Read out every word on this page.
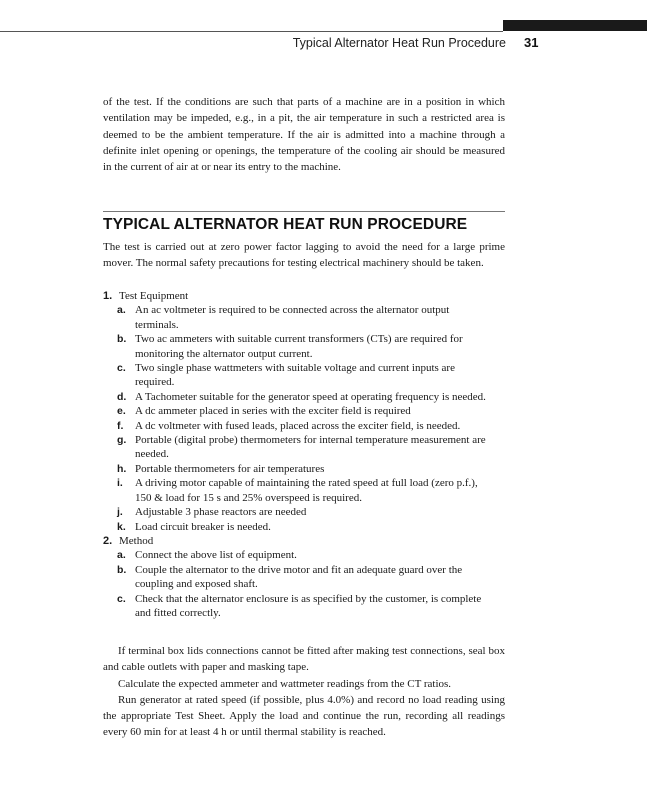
Typical Alternator Heat Run Procedure 31

of the test. If the conditions are such that parts of a machine are in a position in which ventilation may be impeded, e.g., in a pit, the air temperature in such a restricted area is deemed to be the ambient temperature. If the air is admitted into a machine through a definite inlet opening or openings, the temperature of the cooling air should be measured in the current of air at or near its entry to the machine.

TYPICAL ALTERNATOR HEAT RUN PROCEDURE

The test is carried out at zero power factor lagging to avoid the need for a large prime mover. The normal safety precautions for testing electrical machinery should be taken.

1. Test Equipment
a. An ac voltmeter is required to be connected across the alternator output terminals.
b. Two ac ammeters with suitable current transformers (CTs) are required for monitoring the alternator output current.
c. Two single phase wattmeters with suitable voltage and current inputs are required.
d. A Tachometer suitable for the generator speed at operating frequency is needed.
e. A dc ammeter placed in series with the exciter field is required
f. A dc voltmeter with fused leads, placed across the exciter field, is needed.
g. Portable (digital probe) thermometers for internal temperature measurement are needed.
h. Portable thermometers for air temperatures
i. A driving motor capable of maintaining the rated speed at full load (zero p.f.), 150 & load for 15 s and 25% overspeed is required.
j. Adjustable 3 phase reactors are needed
k. Load circuit breaker is needed.
2. Method
a. Connect the above list of equipment.
b. Couple the alternator to the drive motor and fit an adequate guard over the coupling and exposed shaft.
c. Check that the alternator enclosure is as specified by the customer, is complete and fitted correctly.

If terminal box lids connections cannot be fitted after making test connections, seal box and cable outlets with paper and masking tape.

Calculate the expected ammeter and wattmeter readings from the CT ratios.

Run generator at rated speed (if possible, plus 4.0%) and record no load reading using the appropriate Test Sheet. Apply the load and continue the run, recording all readings every 60 min for at least 4 h or until thermal stability is reached.
